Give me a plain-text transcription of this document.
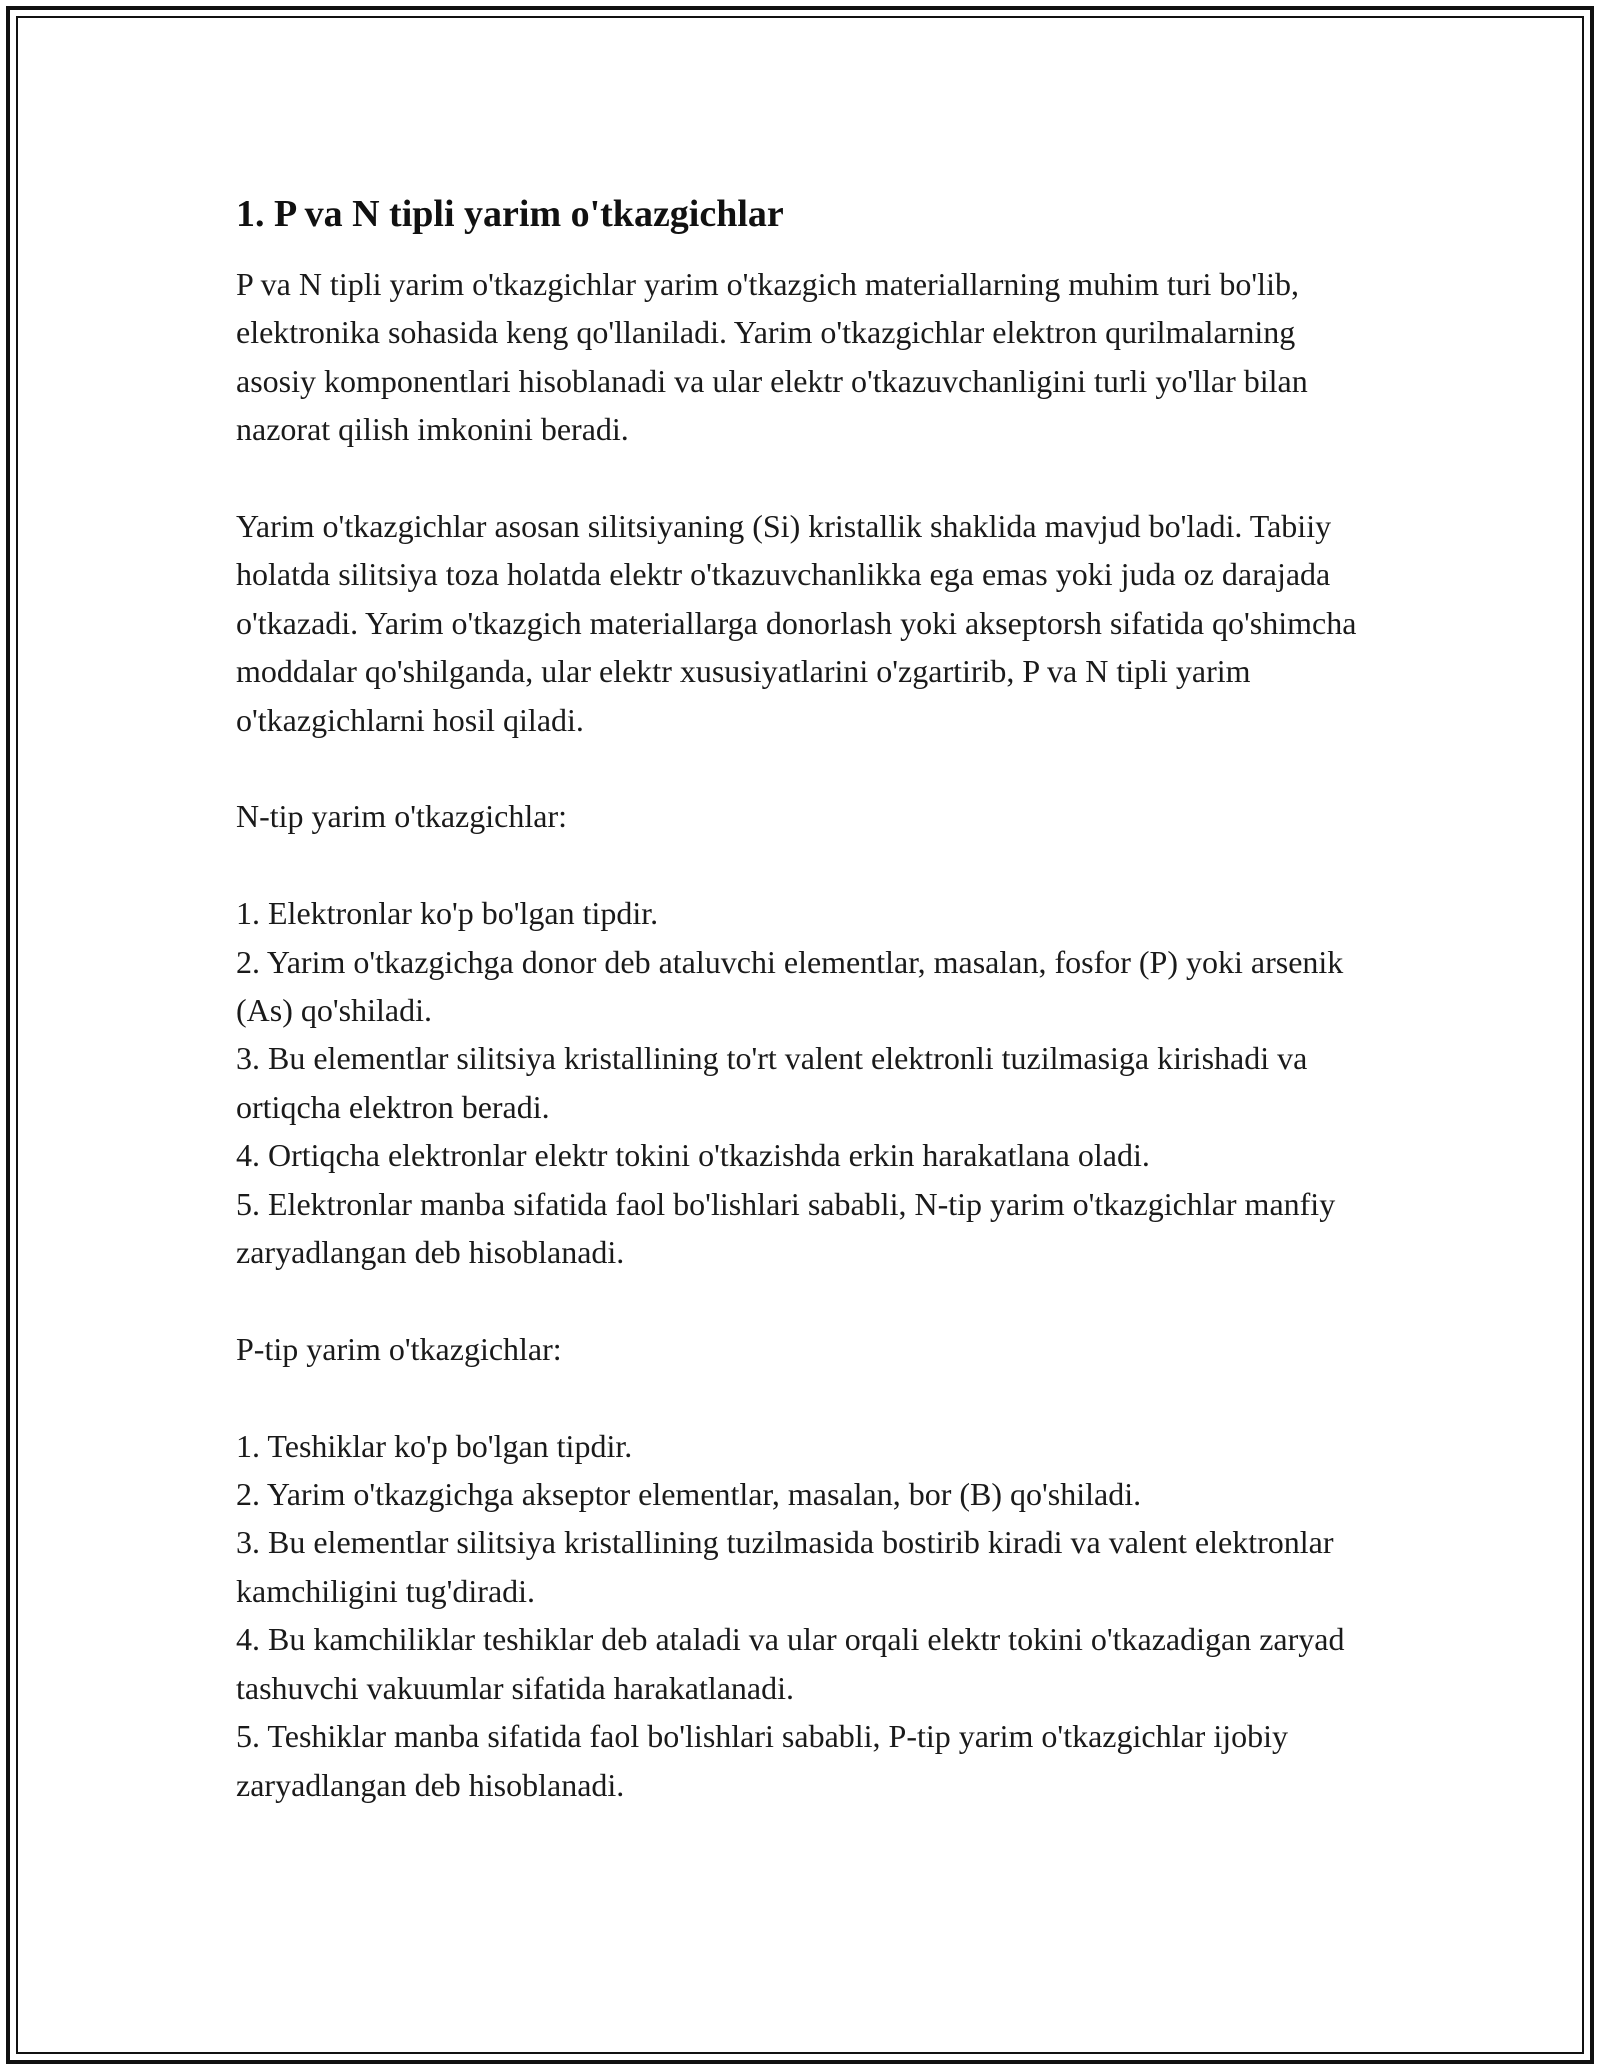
1. P va N tipli yarim o'tkazgichlar

P va N tipli yarim o'tkazgichlar yarim o'tkazgich materiallarning muhim turi bo'lib, elektronika sohasida keng qo'llaniladi. Yarim o'tkazgichlar elektron qurilmalarning asosiy komponentlari hisoblanadi va ular elektr o'tkazuvchanligini turli yo'llar bilan nazorat qilish imkonini beradi.

Yarim o'tkazgichlar asosan silitsiyaning (Si) kristallik shaklida mavjud bo'ladi. Tabiiy holatda silitsiya toza holatda elektr o'tkazuvchanlikka ega emas yoki juda oz darajada o'tkazadi. Yarim o'tkazgich materiallarga donorlash yoki akseptorsh sifatida qo'shimcha moddalar qo'shilganda, ular elektr xususiyatlarini o'zgartirib, P va N tipli yarim o'tkazgichlarni hosil qiladi.

N-tip yarim o'tkazgichlar:

1. Elektronlar ko'p bo'lgan tipdir.
2. Yarim o'tkazgichga donor deb ataluvchi elementlar, masalan, fosfor (P) yoki arsenik (As) qo'shiladi.
3. Bu elementlar silitsiya kristallining to'rt valent elektronli tuzilmasiga kirishadi va ortiqcha elektron beradi.
4. Ortiqcha elektronlar elektr tokini o'tkazishda erkin harakatlana oladi.
5. Elektronlar manba sifatida faol bo'lishlari sababli, N-tip yarim o'tkazgichlar manfiy zaryadlangan deb hisoblanadi.

P-tip yarim o'tkazgichlar:

1. Teshiklar ko'p bo'lgan tipdir.
2. Yarim o'tkazgichga akseptor elementlar, masalan, bor (B) qo'shiladi.
3. Bu elementlar silitsiya kristallining tuzilmasida bostirib kiradi va valent elektronlar kamchiligini tug'diradi.
4. Bu kamchiliklar teshiklar deb ataladi va ular orqali elektr tokini o'tkazadigan zaryad tashuvchi vakuumlar sifatida harakatlanadi.
5. Teshiklar manba sifatida faol bo'lishlari sababli, P-tip yarim o'tkazgichlar ijobiy zaryadlangan deb hisoblanadi.
